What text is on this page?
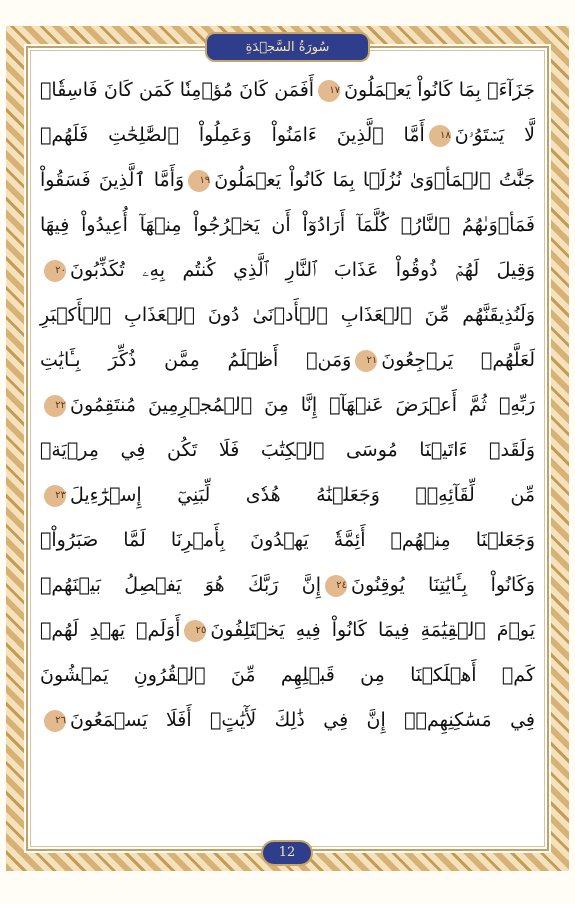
سُورَةُ السَّجۡدَةِ
جَزَآءَۢ بِمَا كَانُواْ يَعۡمَلُونَ١٧أَفَمَن كَانَ مُؤۡمِنٗا كَمَن كَانَ فَاسِقٗاۚ
لَّا يَسۡتَوُۥنَ١٨أَمَّا ٱلَّذِينَ ءَامَنُواْ وَعَمِلُواْ ٱلصَّٰلِحَٰتِ فَلَهُمۡ
جَنَّٰتُ ٱلۡمَأۡوَىٰ نُزُلَۢا بِمَا كَانُواْ يَعۡمَلُونَ١٩وَأَمَّا ٱلَّذِينَ فَسَقُواْ
فَمَأۡوَىٰهُمُ ٱلنَّارُۖ كُلَّمَآ أَرَادُوٓاْ أَن يَخۡرُجُواْ مِنۡهَآ أُعِيدُواْ فِيهَا
وَقِيلَ لَهُمۡ ذُوقُواْ عَذَابَ ٱلنَّارِ ٱلَّذِي كُنتُم بِهِۦ تُكَذِّبُونَ٢٠
وَلَنُذِيقَنَّهُم مِّنَ ٱلۡعَذَابِ ٱلۡأَدۡنَىٰ دُونَ ٱلۡعَذَابِ ٱلۡأَكۡبَرِ
لَعَلَّهُمۡ يَرۡجِعُونَ٢١وَمَنۡ أَظۡلَمُ مِمَّن ذُكِّرَ بِـَٔايَٰتِ
رَبِّهِۦ ثُمَّ أَعۡرَضَ عَنۡهَآۚ إِنَّا مِنَ ٱلۡمُجۡرِمِينَ مُنتَقِمُونَ٢٢
وَلَقَدۡ ءَاتَيۡنَا مُوسَى ٱلۡكِتَٰبَ فَلَا تَكُن فِي مِرۡيَةٖ
مِّن لِّقَآئِهِۦۖ وَجَعَلۡنَٰهُ هُدٗى لِّبَنِيٓ إِسۡرَٰٓءِيلَ٢٣
وَجَعَلۡنَا مِنۡهُمۡ أَئِمَّةٗ يَهۡدُونَ بِأَمۡرِنَا لَمَّا صَبَرُواْۖ
وَكَانُواْ بِـَٔايَٰتِنَا يُوقِنُونَ٢٤إِنَّ رَبَّكَ هُوَ يَفۡصِلُ بَيۡنَهُمۡ
يَوۡمَ ٱلۡقِيَٰمَةِ فِيمَا كَانُواْ فِيهِ يَخۡتَلِفُونَ٢٥أَوَلَمۡ يَهۡدِ لَهُمۡ
كَمۡ أَهۡلَكۡنَا مِن قَبۡلِهِم مِّنَ ٱلۡقُرُونِ يَمۡشُونَ
فِي مَسَٰكِنِهِمۡۚ إِنَّ فِي ذَٰلِكَ لَأٓيَٰتٍۚ أَفَلَا يَسۡمَعُونَ٢٦
12
